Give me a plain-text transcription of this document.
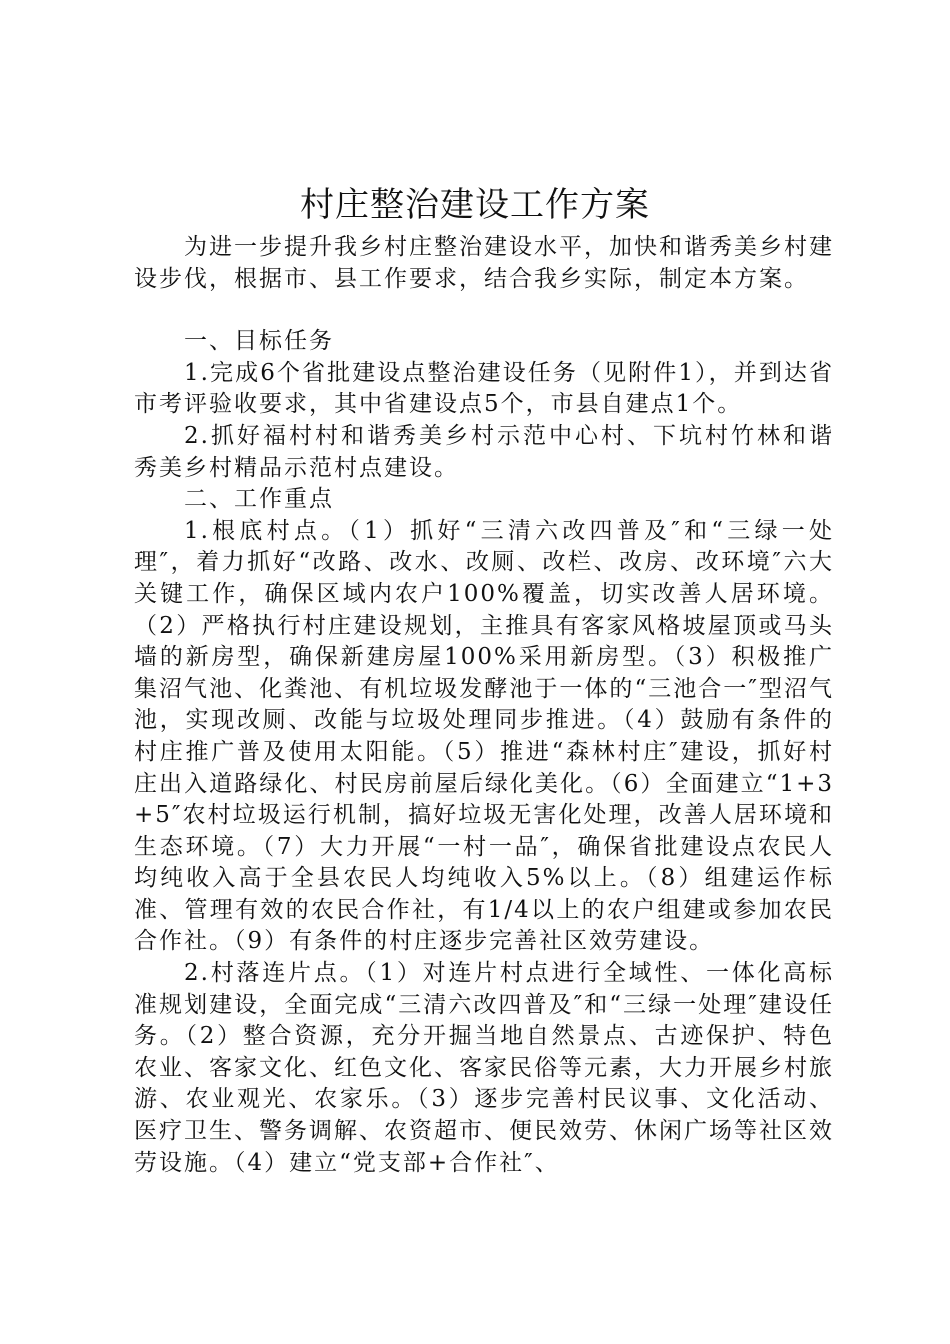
村庄整治建设工作方案

为进一步提升我乡村庄整治建设水平，加快和谐秀美乡村建设步伐，根据市、县工作要求，结合我乡实际，制定本方案。

一、目标任务

1.完成6个省批建设点整治建设任务（见附件1），并到达省市考评验收要求，其中省建设点5个，市县自建点1个。

2.抓好福村村和谐秀美乡村示范中心村、下坑村竹林和谐秀美乡村精品示范村点建设。

二、工作重点

1.根底村点。（1）抓好“三清六改四普及″和“三绿一处理″，着力抓好“改路、改水、改厕、改栏、改房、改环境″六大关键工作，确保区域内农户100%覆盖，切实改善人居环境。（2）严格执行村庄建设规划，主推具有客家风格坡屋顶或马头墙的新房型，确保新建房屋100%采用新房型。（3）积极推广集沼气池、化粪池、有机垃圾发酵池于一体的“三池合一″型沼气池，实现改厕、改能与垃圾处理同步推进。（4）鼓励有条件的村庄推广普及使用太阳能。（5）推进“森林村庄″建设，抓好村庄出入道路绿化、村民房前屋后绿化美化。（6）全面建立“1+3+5″农村垃圾运行机制，搞好垃圾无害化处理，改善人居环境和生态环境。（7）大力开展“一村一品″，确保省批建设点农民人均纯收入高于全县农民人均纯收入5%以上。（8）组建运作标准、管理有效的农民合作社，有1/4以上的农户组建或参加农民合作社。（9）有条件的村庄逐步完善社区效劳建设。

2.村落连片点。（1）对连片村点进行全域性、一体化高标准规划建设，全面完成“三清六改四普及″和“三绿一处理″建设任务。（2）整合资源，充分开掘当地自然景点、古迹保护、特色农业、客家文化、红色文化、客家民俗等元素，大力开展乡村旅游、农业观光、农家乐。（3）逐步完善村民议事、文化活动、医疗卫生、警务调解、农资超市、便民效劳、休闲广场等社区效劳设施。（4）建立“党支部+合作社″、
